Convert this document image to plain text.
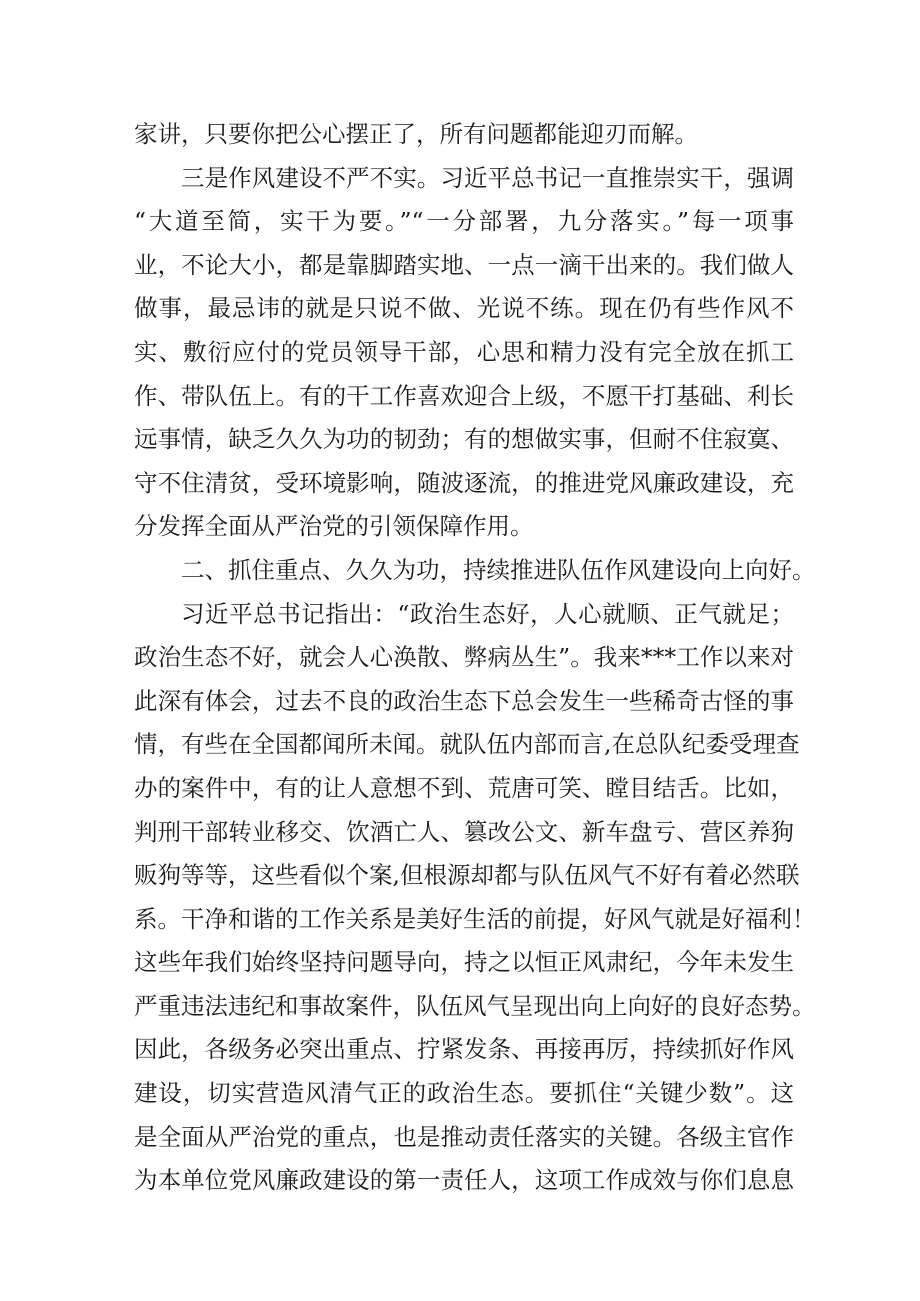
家讲，只要你把公心摆正了，所有问题都能迎刃而解。
三是作风建设不严不实。习近平总书记一直推崇实干，强调
“大道至简，实干为要。”“一分部署，九分落实。”每一项事
业，不论大小，都是靠脚踏实地、一点一滴干出来的。我们做人
做事，最忌讳的就是只说不做、光说不练。现在仍有些作风不
实、敷衍应付的党员领导干部，心思和精力没有完全放在抓工
作、带队伍上。有的干工作喜欢迎合上级，不愿干打基础、利长
远事情，缺乏久久为功的韧劲；有的想做实事，但耐不住寂寞、
守不住清贫，受环境影响，随波逐流，的推进党风廉政建设，充
分发挥全面从严治党的引领保障作用。
二、抓住重点、久久为功，持续推进队伍作风建设向上向好。
习近平总书记指出：“政治生态好，人心就顺、正气就足；
政治生态不好，就会人心涣散、弊病丛生”。我来***工作以来对
此深有体会，过去不良的政治生态下总会发生一些稀奇古怪的事
情，有些在全国都闻所未闻。就队伍内部而言,在总队纪委受理查
办的案件中，有的让人意想不到、荒唐可笑、瞠目结舌。比如，
判刑干部转业移交、饮酒亡人、篡改公文、新车盘亏、营区养狗
贩狗等等，这些看似个案,但根源却都与队伍风气不好有着必然联
系。干净和谐的工作关系是美好生活的前提，好风气就是好福利！
这些年我们始终坚持问题导向，持之以恒正风肃纪，今年未发生
严重违法违纪和事故案件，队伍风气呈现出向上向好的良好态势。
因此，各级务必突出重点、拧紧发条、再接再厉，持续抓好作风
建设，切实营造风清气正的政治生态。要抓住“关键少数”。这
是全面从严治党的重点，也是推动责任落实的关键。各级主官作
为本单位党风廉政建设的第一责任人，这项工作成效与你们息息
